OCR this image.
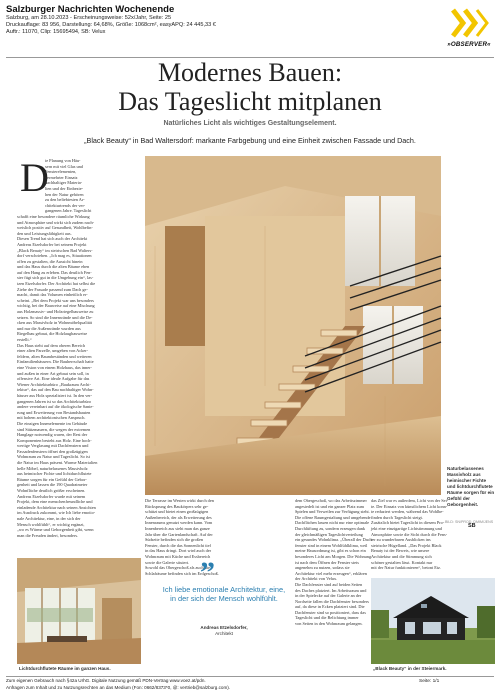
Salzburger Nachrichten Wochenende
Salzburg, am 28.10.2023 - Erscheinungsweise: 52x/Jahr, Seite: 25
Druckauflage: 83 956, Darstellung: 64,68%, Größe: 1068cm², easyAPQ: 24 445,33 €
Auftr.: 11070, Clip: 15695494, SB: Velux
»OBSERVER«
Modernes Bauen:
Das Tageslicht mitplanen
Natürliches Licht als wichtiges Gestaltungselement.
„Black Beauty“ in Bad Waltersdorf: markante Farbgebung und eine Einheit zwischen Fassade und Dach.
D
ie Planung von Häu-
sern mit viel Glas und
Fensterelementen,
vermehrter Einsatz
nachhaltiger Materia-
lien und der Einbezie-
hen der Natur gehören
zu den beliebtesten Ar-
chitekturtrends der ver-
gangenen Jahre. Tageslicht
schafft eine besondere räumliche Wirkung
und Atmosphäre und wirkt sich zudem nach-
weislich positiv auf Gesundheit, Wohlbefin-
den und Leistungsfähigkeit aus.
Diesen Trend hat sich auch der Architekt
Andreas Etzelsdorfer bei seinem Projekt
„Black Beauty“ im steirischen Bad Walters-
dorf verschrieben. „Ich mag es, Situationen
offen zu gestalten, die Aussicht hinein
und das Haus durch die alten Bäume eben
auf den Hang zu erleben. Das deutlich Fen-
ster fügt sich gut in die Umgebung ein“, las-
tzen Etzelsdorfer. Der Architekt hat selbst die
Ziehe der Fassade passend zum Dach ge-
macht, damit das Volumen einheitlich er-
scheint. „Bei dem Projekt war uns besonders
wichtig, bei der Bauweise auf eine Mischung
aus Holzmassiv- und Holzriegelbauweise zu
setzen. So sind die Innenwände und die De-
cken aus Massivholz in Wohnmöbelqualität
und nur die Außenwände wurden aus
Riegelbau gebaut, die Holzlaugbauweise
erstellt.“
Das Haus steht auf dem oberen Bereich
einer alten Parzelle, umgeben von Acker-
feldern, alten Baumbeständen und weiteren
Einfamilienhäusern. Die Bauherrschaft hatte
eine Vision von einem Holzhaus, das inner-
und außen in einer Art gebaut sein soll, in
offensive Art. Eine ideale Aufgabe für das
Wiener Architekturbüro „Baukraum Archi-
tektur“, das auf den Bau nachhaltiger Wohn-
häuser aus Holz spezialisiert ist. In den ver-
gangenen Jahren ist so das Architekturbüro
andere vereinbart auf die ökologische Sanie-
rung und Erweiterung von Bestandsbauten
mit hohem architektonischen Anspruch.
Die einzigen Innenelemente im Gebäude
sind Stützmauern, die wegen der extremen
Hanglage notwendig waren, der Rest der
Komponenten besteht aus Holz. Eine hoch-
wertige Verglasung mit Dachfenstern und
Fassadenfenstern öffnet den großzügigen
Wohnraum zu Natur und Tageslicht. So ist
die Natur im Haus präsent. Warme Materialien
helle Möbel, naturbelassenes Massivholz
aus heimischer Fichte und lichtdurchflutete
Räume sorgen für ein Gefühl der Gebor-
genheit und lassen die 190 Quadratmeter
Wohnfläche deutlich größer erscheinen.
Andreas Etzelsdorfer wurde mit seinem
Projekt, dem eine menschenfreundliche und
einladende Architektur nach seinen Ansichten
im Ausdruck zukommt, wie Ich liebe emotio-
nale Architektur, eine, in der sich der
Mensch wohlfühlt“, er wichtig ergänzt,
„wo es Wärme und Geborgenheit gibt, wenn
man die Freuden ändert, besonders.
Naturbelassenes Massivholz aus heimischer Fichte und lichtdurchflutete Räume sorgen für ein Gefühl der Geborgenheit.
BILD: SN/PROD. DMIM/JENS
Die Terrasse im Westen wirkt durch den
Rücksprung des Baukörpers sehr ge-
schützt und bietet einen großzügigen
Außenbereich, der als Erweiterung des
Innenraums genutzt werden kann. Vom
Innenbereich aus sieht man das ganze
Jahr über die Gartenlandschaft. Auf der
Südseite befinden sich die großen
Fenster, durch die das Sonnenlicht tief
in das Haus dringt. Dort wird auch der
Wohnraum mit Küche und Essbereich
sowie die Galerie situiert.
Sowohl das Obergeschoß als auch die
Schlafräume befinden sich im Erdgeschoß.
dem Obergeschoß, wo das Arbeitszimmer
angesiedelt ist und ein ganzer Platz zum
Spielen und Verweilen zur Verfügung steht.
Die offene Raumgestaltung und umgebende
Dachflächen lassen nicht nur eine optimale
Durchlüftung zu, sondern erzeugen dank
der gleichmäßigen Tageslichtverteilung
ein gesundes Wohnklima. „Überall der Dach-
fenster sind in einem Wohlfühlklima, weil
meine Hausordnung ist, gibt es schon ein
besonderes Licht am Morgen. Die Wohnung
ist nach dem Öffnen der Fenster stets
angenehm zu nutzen, sodass sie
Architektur viel mehr erzeugen“, erklären
der Architekt von Velux.
Die Dachfenster sind auf beiden Seiten
des Daches platziert. Im Arbeitsraum und
in der Spielecke auf der Galerie an der
Nordseite fallen die Dachfenster besonders
auf, da diese in Ecken platziert sind. Die
Dachfenster sind so positioniert, dass das
Tageslicht und die Belichtung immer
von Seiten in den Wohnraum gelangen.
das Ziel war es außerdem, Licht von der Sei-
te. Der Einsatz von künstlichem Licht konn-
te reduziert werden, während das Wohlbe-
finden durch Tageslicht steigt.
Zusätzlich bietet Tageslicht in diesem Pro-
jekt eine einzigartige Lichtstimmung und
Atmosphäre sowie die Sicht durch die Fens-
ter zu wunderbaren Ausblicken ins
steirische Hügelland. „Das Projekt Black
Beauty ist der Beweis, wie unsere
Architektur und die Stimmung sich
schöner gestalten lässt. Kontakt nur
mit der Natur funktionieren“, betont Etz.
SB
”
Ich liebe emotionale Architektur, eine, in der sich der Mensch wohlfühlt.
Andreas Etzelsdorfer,
Architekt
Lichtdurchflutete Räume im ganzen Haus.	„Black Beauty“ in der Steiermark.
Zum eigenen Gebrauch nach §42a UrhG. Digitale Nutzung gemäß PDN-Vertrag www.voez.at/pdn.
Anfragen zum Inhalt und zu Nutzungsrechten an das Medium (Fon: 0662/8373*0, @: vertrieb@salzburg.com).
Seite: 1/1
